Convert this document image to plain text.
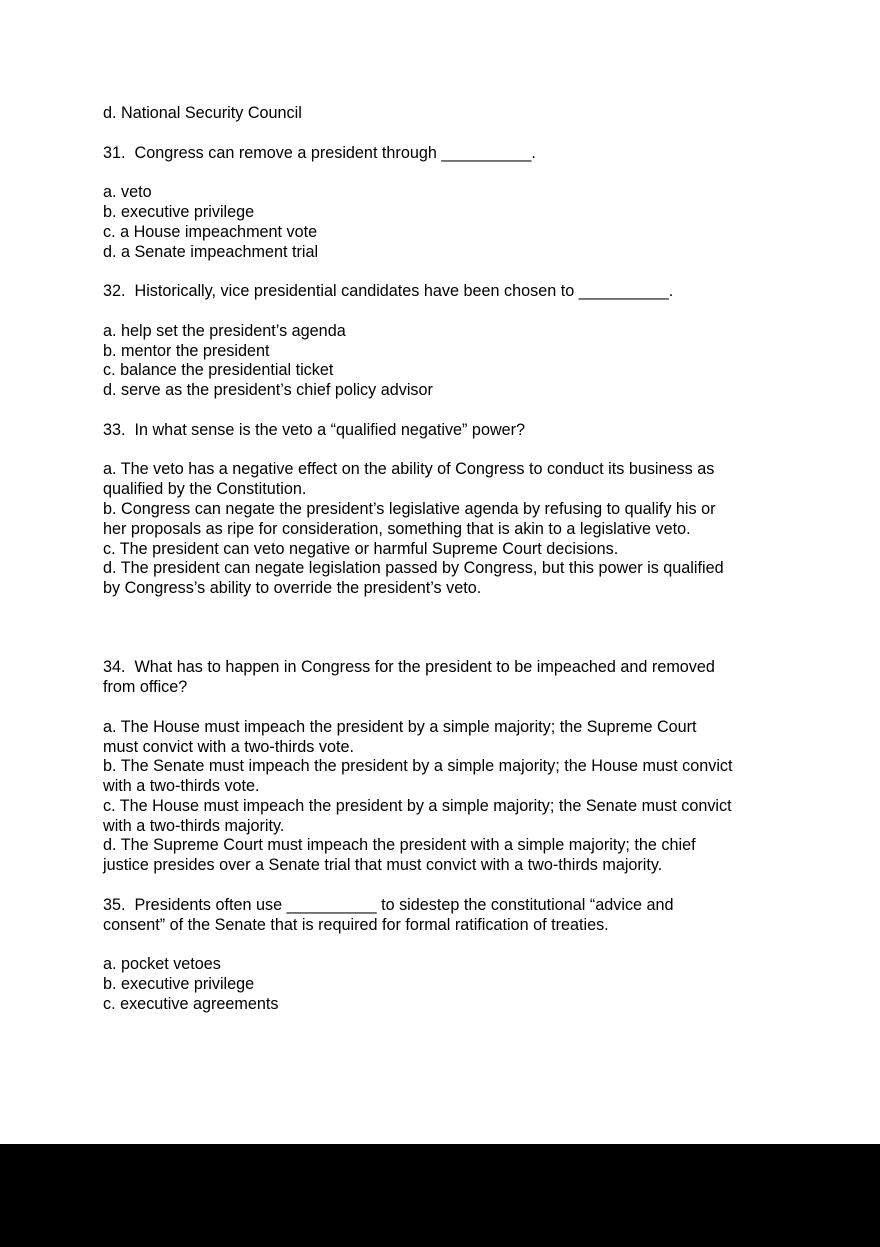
d. National Security Council
31.  Congress can remove a president through __________.
a. veto
b. executive privilege
c. a House impeachment vote
d. a Senate impeachment trial
32.  Historically, vice presidential candidates have been chosen to __________.
a. help set the president’s agenda
b. mentor the president
c. balance the presidential ticket
d. serve as the president’s chief policy advisor
33.  In what sense is the veto a “qualified negative” power?
a. The veto has a negative effect on the ability of Congress to conduct its business as
qualified by the Constitution.
b. Congress can negate the president’s legislative agenda by refusing to qualify his or
her proposals as ripe for consideration, something that is akin to a legislative veto.
c. The president can veto negative or harmful Supreme Court decisions.
d. The president can negate legislation passed by Congress, but this power is qualified
by Congress’s ability to override the president’s veto.
34.  What has to happen in Congress for the president to be impeached and removed
from office?
a. The House must impeach the president by a simple majority; the Supreme Court
must convict with a two-thirds vote.
b. The Senate must impeach the president by a simple majority; the House must convict
with a two-thirds vote.
c. The House must impeach the president by a simple majority; the Senate must convict
with a two-thirds majority.
d. The Supreme Court must impeach the president with a simple majority; the chief
justice presides over a Senate trial that must convict with a two-thirds majority.
35.  Presidents often use __________ to sidestep the constitutional “advice and
consent” of the Senate that is required for formal ratification of treaties.
a. pocket vetoes
b. executive privilege
c. executive agreements
